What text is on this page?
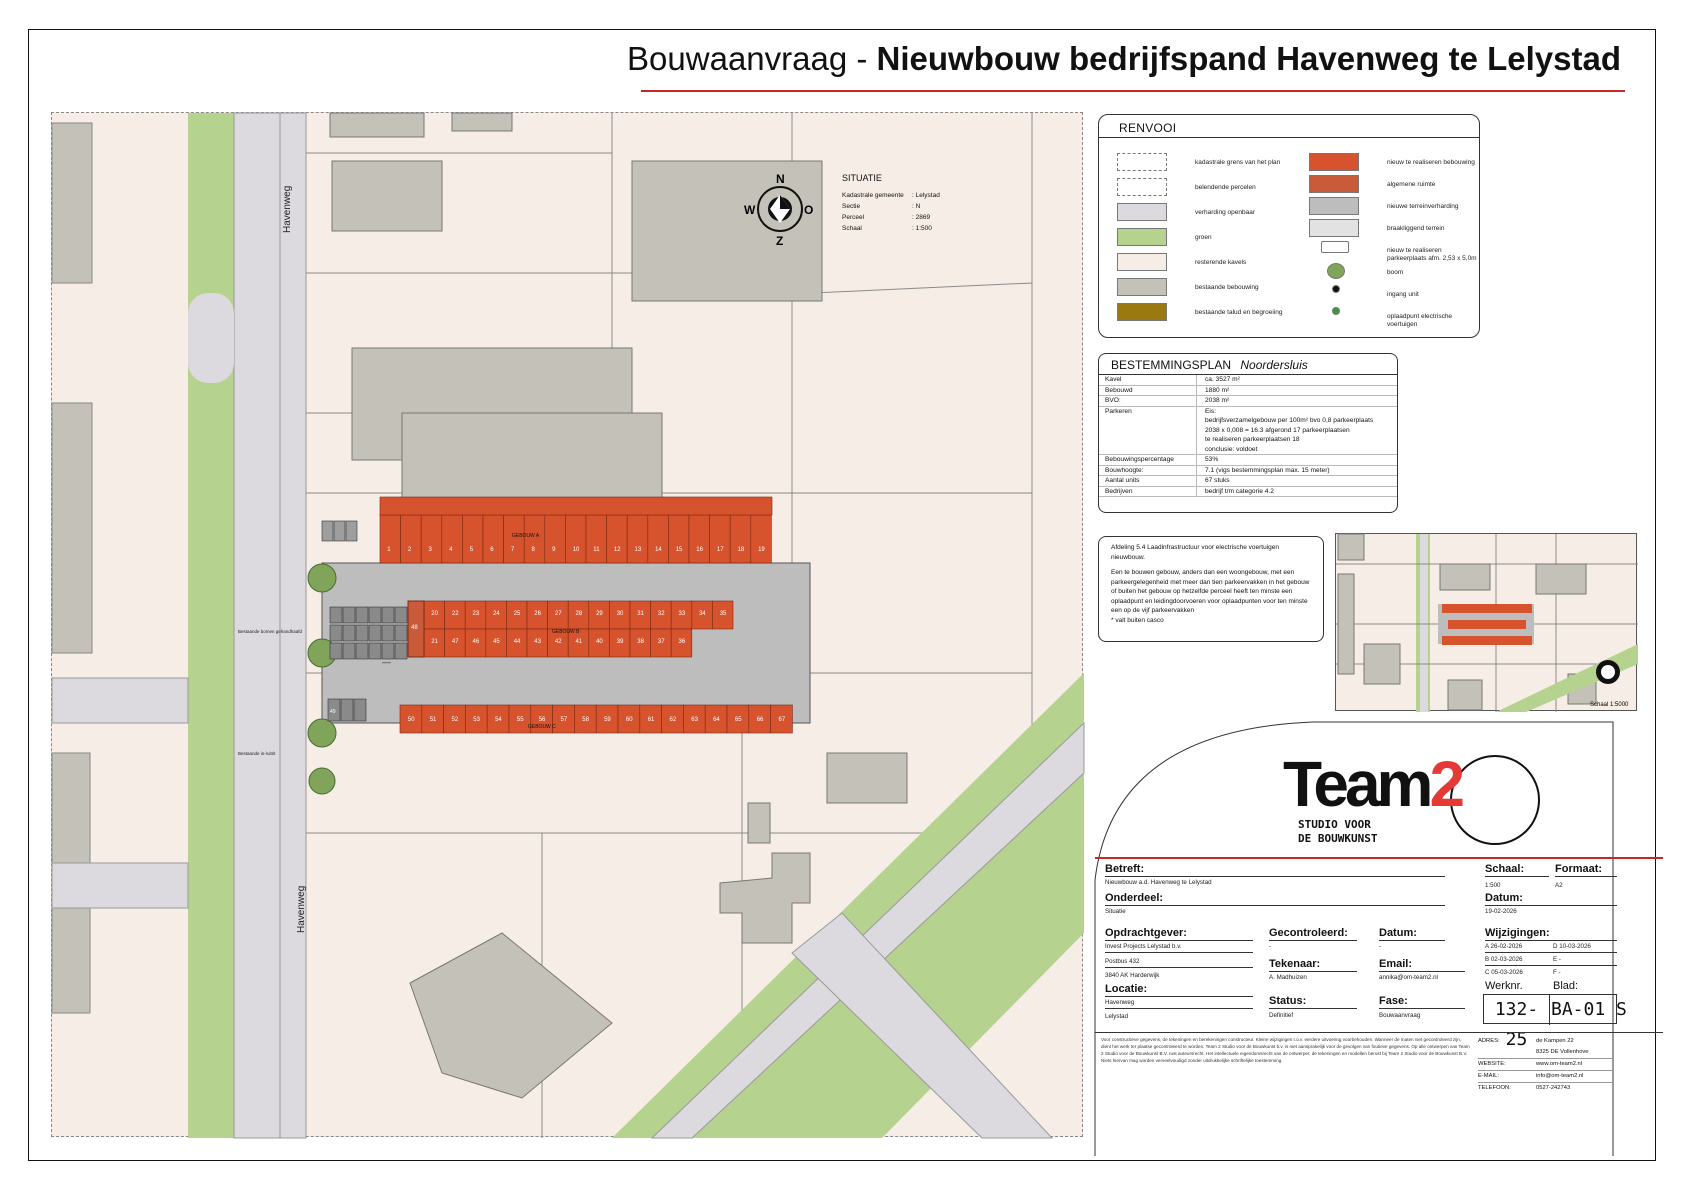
Bouwaanvraag - Nieuwbouw bedrijfspand Havenweg te Lelystad
49
1	2	3	4	5	6	7	8	9	10 11 12 13 14 15 16 17 18 19
20 22 23 24 25 26 27 28 29 30 31 32 33 34 35
21 47 46 45 44 43 42 41 40 39 38 37 36
48
50	51	52	53	54	55	56	57	58	59	60	61	62	63	64	65	66	67
GEBOUW A
GEBOUW B
GEBOUW C
—
Havenweg
Havenweg
Bestaande bomen gehandhaafd
Bestaande in-/uitrit
N
O
Z
W
SITUATIE
Kadastrale gemeente	: Lelystad
Sectie	: N
Perceel	: 2869
Schaal	: 1:500
RENVOOI
kadastrale grens van het plan
belendende percelen
verharding openbaar
groen
resterende kavels
bestaande bebouwing
bestaande talud en begroeiing
nieuw te realiseren bebouwing
algemene ruimte
nieuwe terreinverharding
braakliggend terrein
nieuw te realiseren parkeerplaats afm. 2,53 x 5,0m
boom
ingang unit
oplaadpunt electrische voertuigen
BESTEMMINGSPLAN Noordersluis
Kavel	ca. 3527 m²
Bebouwd	1880 m²
BVO:	2038 m²
Parkeren	Eis:
bedrijfsverzamelgebouw per 100m² bvo 0,8 parkeerplaats
2038 x 0,008 = 16.3 afgerond 17 parkeerplaatsen
te realiseren parkeerplaatsen 18
conclusie: voldoet
Bebouwingspercentage	53%
Bouwhoogte:	7.1 (vigs bestemmingsplan max. 15 meter)
Aantal units	67 stuks
Bedrijven	bedrijf t/m categorie 4.2
Afdeling 5.4 Laadinfrastructuur voor electrische voertuigen nieuwbouw.
Een te bouwen gebouw, anders dan een woongebouw, met een parkeergelegenheid met meer dan tien parkeervakken in het gebouw of buiten het gebouw op hetzelfde perceel heeft ten minste een oplaadpunt en leidingdoorvoeren voor oplaadpunten voor ten minste een op de vijf parkeervakken
* valt buiten casco
Schaal 1:5000
Team2
STUDIO VOOR
DE BOUWKUNST
Betreft:
Nieuwbouw a.d. Havenweg te Lelystad
Schaal:
1:500
Formaat:
A2
Onderdeel:
Situatie
Datum:
19-02-2026
Opdrachtgever:
Invest Projects Lelystad b.v.
Postbus 432
3840 AK Harderwijk
Gecontroleerd:
-
Datum:
-
Wijzigingen:
A 26-02-2026	D 10-03-2026
B 02-03-2026	E -
C 05-03-2026	F -
Tekenaar:
A. Madhuizen
Email:
annika@om-team2.nl
Locatie:
Havenweg
Lelystad
Status:
Definitief
Fase:
Bouwaanvraag
Werknr.	Blad:
132-25
BA-01 S
Voor constructieve gegevens, de tekeningen en berekeningen constructeur. Kleine wijzigingen t.o.v. eerdere uitvoering voorbehouden. Wanneer de maten niet gecontroleerd zijn, dient het werk ter plaatse gecontroleerd te worden. Team 2 Studio voor de Bouwkunst b.v. is niet aansprakelijk voor de gevolgen van foutieve gegevens. Op alle ontwerpen van Team 2 Studio voor de Bouwkunst B.V. rust auteursrecht. Het intellectuele eigendomsrecht van de ontwerper, de tekeningen en modellen berust bij Team 2 Studio voor de Bouwkunst B.V. Niets hiervan mag worden verveelvoudigd zonder uitdrukkelijke schriftelijke toestemming.
ADRES:	de Kampen 22
8325 DE Vollenhove
WEBSITE:	www.om-team2.nl
E-MAIL:	info@om-team2.nl
TELEFOON:	0527-242743
